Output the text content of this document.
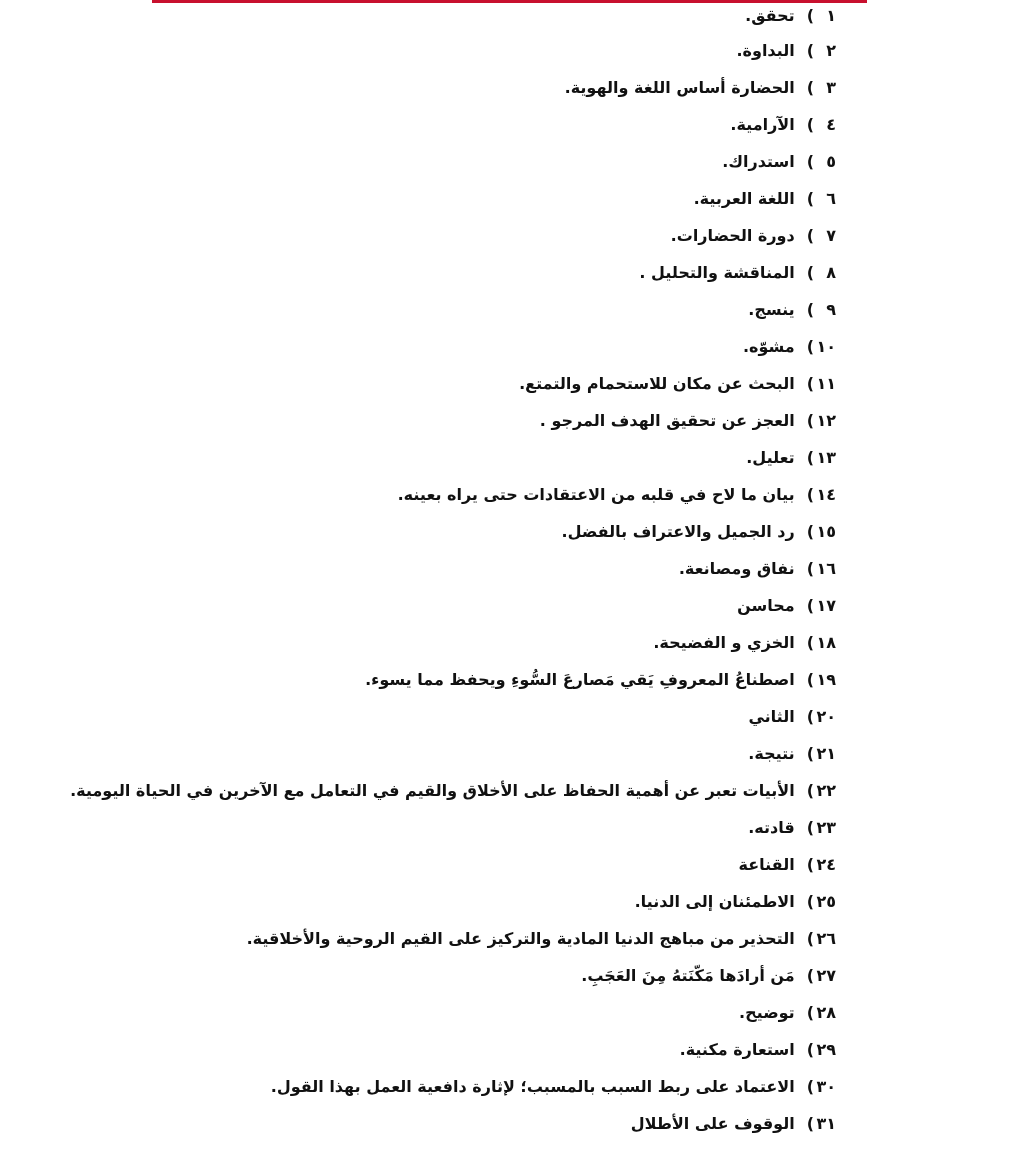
١
)
تحقق.
٢
)
البداوة.
٣
)
الحضارة أساس اللغة والهوية.
٤
)
الآرامية.
٥
)
استدراك.
٦
)
اللغة العربية.
٧
)
دورة الحضارات.
٨
)
المناقشة والتحليل .
٩
)
ينسج.
١٠
)
مشوّه.
١١
)
البحث عن مكان للاستحمام والتمتع.
١٢
)
العجز عن تحقيق الهدف المرجو .
١٣
)
تعليل.
١٤
)
بيان ما لاح في قلبه من الاعتقادات حتى يراه بعينه.
١٥
)
رد الجميل والاعتراف بالفضل.
١٦
)
نفاق ومصانعة.
١٧
)
محاسن
١٨
)
الخزي و الفضيحة.
١٩
)
اصطناعُ المعروفِ يَقي مَصارعَ السُّوءِ ويحفظ مما يسوء.
٢٠
)
الثاني
٢١
)
نتيجة.
٢٢
)
الأبيات تعبر عن أهمية الحفاظ على الأخلاق والقيم في التعامل مع الآخرين في الحياة اليومية.
٢٣
)
قادته.
٢٤
)
القناعة
٢٥
)
الاطمئنان إلى الدنيا.
٢٦
)
التحذير من مباهج الدنيا المادية والتركيز على القيم الروحية والأخلاقية.
٢٧
)
مَن أرادَها مَكّنَتهُ مِنَ العَجَبِ.
٢٨
)
توضيح.
٢٩
)
استعارة مكنية.
٣٠
)
الاعتماد على ربط السبب بالمسبب؛ لإثارة دافعية العمل بهذا القول.
٣١
)
الوقوف على الأطلال
